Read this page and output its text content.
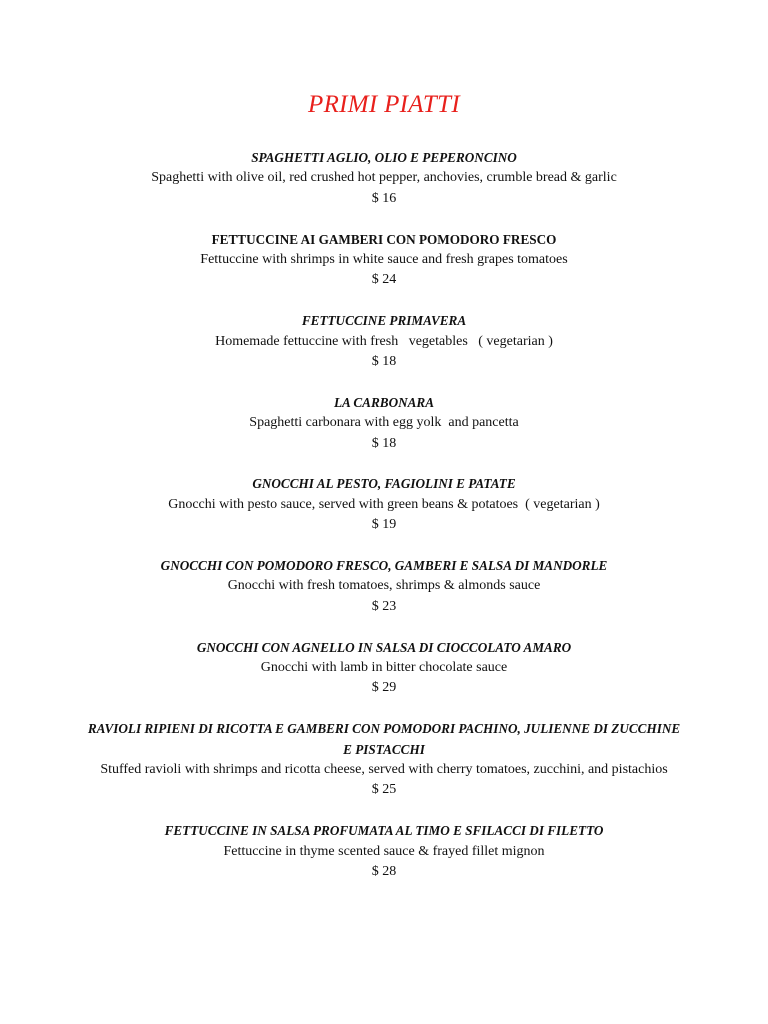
PRIMI PIATTI
SPAGHETTI AGLIO, OLIO E PEPERONCINO
Spaghetti with olive oil, red crushed hot pepper, anchovies, crumble bread & garlic
$ 16
FETTUCCINE AI GAMBERI CON POMODORO FRESCO
Fettuccine with shrimps in white sauce and fresh grapes tomatoes
$ 24
FETTUCCINE PRIMAVERA
Homemade fettuccine with fresh   vegetables   ( vegetarian )
$ 18
LA CARBONARA
Spaghetti carbonara with egg yolk  and pancetta
$ 18
GNOCCHI AL PESTO, FAGIOLINI E PATATE
Gnocchi with pesto sauce, served with green beans & potatoes  ( vegetarian )
$ 19
GNOCCHI CON POMODORO FRESCO, GAMBERI E SALSA DI MANDORLE
Gnocchi with fresh tomatoes, shrimps & almonds sauce
$ 23
GNOCCHI CON AGNELLO IN SALSA DI CIOCCOLATO AMARO
Gnocchi with lamb in bitter chocolate sauce
$ 29
RAVIOLI RIPIENI DI RICOTTA E GAMBERI CON POMODORI PACHINO, JULIENNE DI ZUCCHINE E PISTACCHI
Stuffed ravioli with shrimps and ricotta cheese, served with cherry tomatoes, zucchini, and pistachios
$ 25
FETTUCCINE IN SALSA PROFUMATA AL TIMO E SFILACCI DI FILETTO
Fettuccine in thyme scented sauce & frayed fillet mignon
$ 28
